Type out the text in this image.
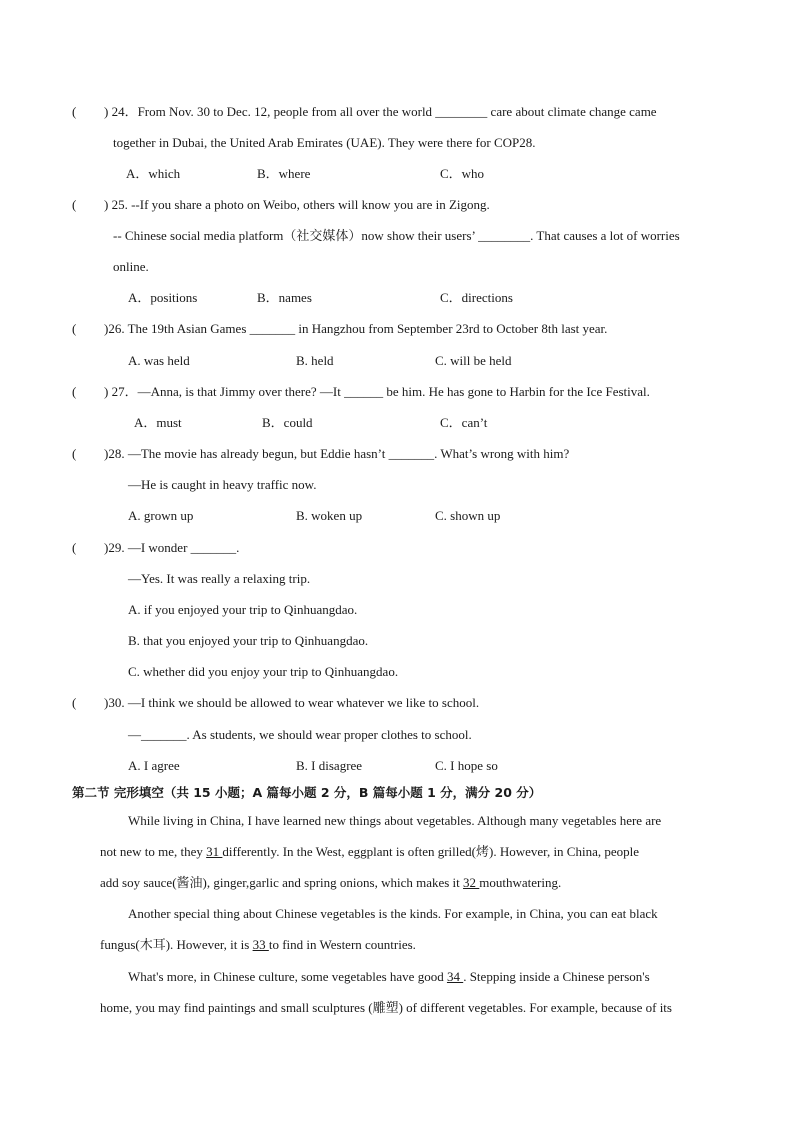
( ) 24．From Nov. 30 to Dec. 12, people from all over the world ________ care about climate change came
together in Dubai, the United Arab Emirates (UAE). They were there for COP28.
A．which	B．where	C．who
( ) 25. --If you share a photo on Weibo, others will know you are in Zigong.
-- Chinese social media platform（社交媒体）now show their users’ ________. That causes a lot of worries
online.
A．positions	B．names	C．directions
( )26. The 19th Asian Games _______ in Hangzhou from September 23rd to October 8th last year.
A. was held	B. held	C. will be held
( ) 27．—Anna, is that Jimmy over there? —It ______ be him. He has gone to Harbin for the Ice Festival.
A．must	B．could	C．can’t
( )28. —The movie has already begun, but Eddie hasn’t _______. What’s wrong with him?
—He is caught in heavy traffic now.
A. grown up	B. woken up	C. shown up
( )29. —I wonder _______.
—Yes. It was really a relaxing trip.
A. if you enjoyed your trip to Qinhuangdao.
B. that you enjoyed your trip to Qinhuangdao.
C. whether did you enjoy your trip to Qinhuangdao.
( )30. —I think we should be allowed to wear whatever we like to school.
—_______. As students, we should wear proper clothes to school.
A. I agree	B. I disagree	C. I hope so
第二节 完形填空（共 15 小题；A 篇每小题 2 分，B 篇每小题 1 分，满分 20 分）
While living in China, I have learned new things about vegetables. Although many vegetables here are
not new to me, they 31 differently. In the West, eggplant is often grilled(烤). However, in China, people
add soy sauce(酱油), ginger,garlic and spring onions, which makes it 32 mouthwatering.
Another special thing about Chinese vegetables is the kinds. For example, in China, you can eat black
fungus(木耳). However, it is 33 to find in Western countries.
What's more, in Chinese culture, some vegetables have good 34 . Stepping inside a Chinese person's
home, you may find paintings and small sculptures (雕塑) of different vegetables. For example, because of its
